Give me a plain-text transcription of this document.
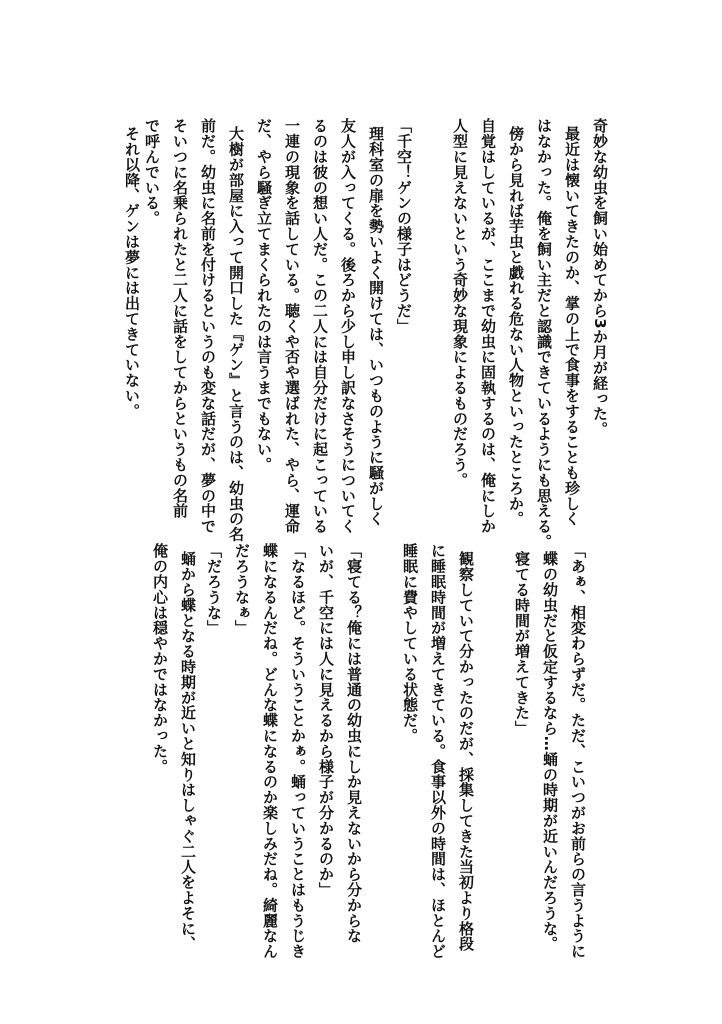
奇妙な幼虫を飼い始めてから3か月が経った。
最近は懐いてきたのか、掌の上で食事をすることも珍しく
はなかった。俺を飼い主だと認識できているようにも思える。
傍から見れば芋虫と戯れる危ない人物といったところか。
自覚はしているが、ここまで幼虫に固執するのは、俺にしか
人型に見えないという奇妙な現象によるものだろう。
「千空！ゲンの様子はどうだ」
理科室の扉を勢いよく開けては、いつものように騒がしく
友人が入ってくる。後ろから少し申し訳なさそうについてく
るのは彼の想い人だ。この二人には自分だけに起こっている
一連の現象を話している。聴くや否や選ばれた、やら、運命
だ、やら騒ぎ立てまくられたのは言うまでもない。
大樹が部屋に入って開口した『ゲン』と言うのは、幼虫の名
前だ。幼虫に名前を付けるというのも変な話だが、夢の中で
そいつに名乗られたと二人に話をしてからというもの名前
で呼んでいる。
それ以降、ゲンは夢には出てきていない。
「あぁ、相変わらずだ。ただ、こいつがお前らの言うように
蝶の幼虫だと仮定するなら…蛹の時期が近いんだろうな。
寝てる時間が増えてきた」
観察していて分かったのだが、採集してきた当初より格段
に睡眠時間が増えてきている。食事以外の時間は、ほとんど
睡眠に費やしている状態だ。
「寝てる？俺には普通の幼虫にしか見えないから分からな
いが、千空には人に見えるから様子が分かるのか」
「なるほど。そういうことかぁ。蛹っていうことはもうじき
蝶になるんだね。どんな蝶になるのか楽しみだね。綺麗なん
だろうなぁ」
「だろうな」
蛹から蝶となる時期が近いと知りはしゃぐ二人をよそに、
俺の内心は穏やかではなかった。
